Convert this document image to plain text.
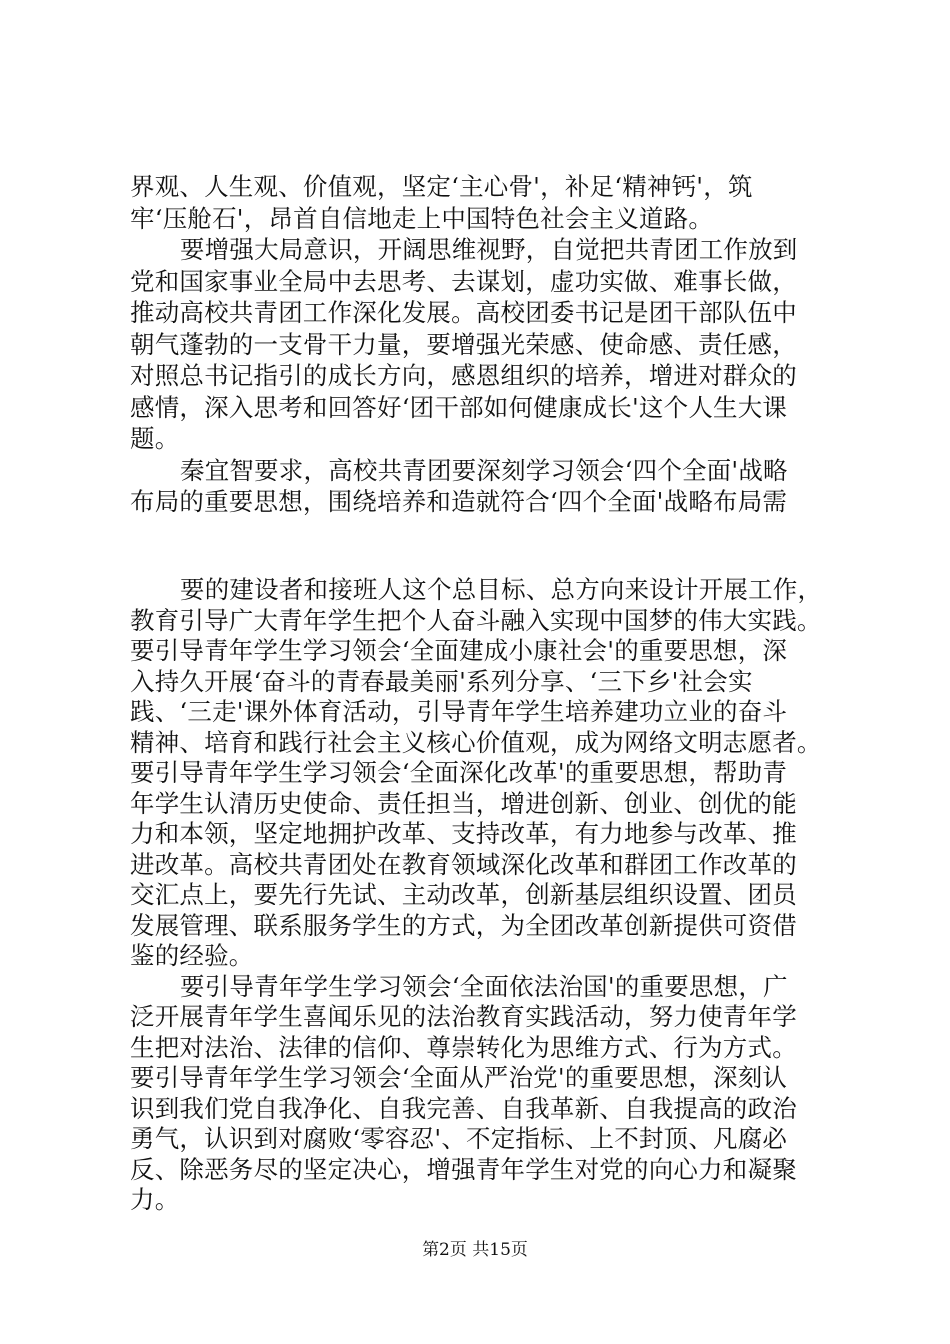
界观、人生观、价值观，坚定‘主心骨'，补足‘精神钙'，筑
牢‘压舱石'，昂首自信地走上中国特色社会主义道路。
要增强大局意识，开阔思维视野，自觉把共青团工作放到
党和国家事业全局中去思考、去谋划，虚功实做、难事长做，
推动高校共青团工作深化发展。高校团委书记是团干部队伍中
朝气蓬勃的一支骨干力量，要增强光荣感、使命感、责任感，
对照总书记指引的成长方向，感恩组织的培养，增进对群众的
感情，深入思考和回答好‘团干部如何健康成长'这个人生大课
题。
秦宜智要求，高校共青团要深刻学习领会‘四个全面'战略
布局的重要思想，围绕培养和造就符合‘四个全面'战略布局需
要的建设者和接班人这个总目标、总方向来设计开展工作，
教育引导广大青年学生把个人奋斗融入实现中国梦的伟大实践。
要引导青年学生学习领会‘全面建成小康社会'的重要思想，深
入持久开展‘奋斗的青春最美丽'系列分享、‘三下乡'社会实
践、‘三走'课外体育活动，引导青年学生培养建功立业的奋斗
精神、培育和践行社会主义核心价值观，成为网络文明志愿者。
要引导青年学生学习领会‘全面深化改革'的重要思想，帮助青
年学生认清历史使命、责任担当，增进创新、创业、创优的能
力和本领，坚定地拥护改革、支持改革，有力地参与改革、推
进改革。高校共青团处在教育领域深化改革和群团工作改革的
交汇点上，要先行先试、主动改革，创新基层组织设置、团员
发展管理、联系服务学生的方式，为全团改革创新提供可资借
鉴的经验。
要引导青年学生学习领会‘全面依法治国'的重要思想，广
泛开展青年学生喜闻乐见的法治教育实践活动，努力使青年学
生把对法治、法律的信仰、尊崇转化为思维方式、行为方式。
要引导青年学生学习领会‘全面从严治党'的重要思想，深刻认
识到我们党自我净化、自我完善、自我革新、自我提高的政治
勇气，认识到对腐败‘零容忍'、不定指标、上不封顶、凡腐必
第2页 共15页
反、除恶务尽的坚定决心，增强青年学生对党的向心力和凝聚
力。
